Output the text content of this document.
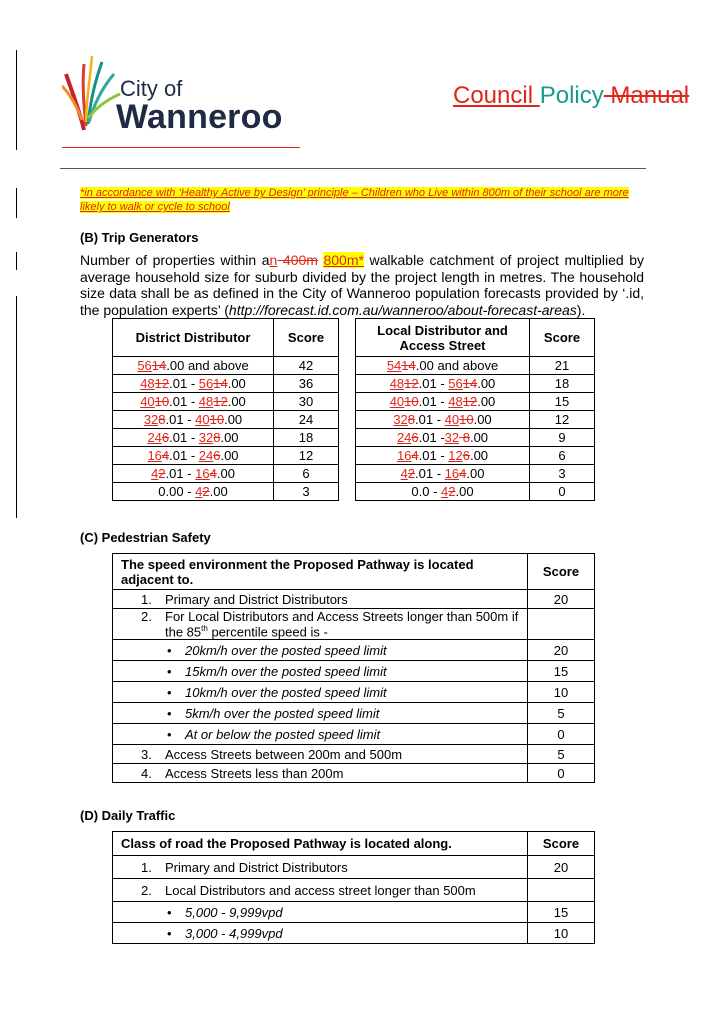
City of
Wanneroo
Council Policy Manual
*in accordance with ‘Healthy Active by Design’ principle – Children who Live within 800m of their school are more likely to walk or cycle to school
(B) Trip Generators
Number of properties within an 400m 800m* walkable catchment of project multiplied by average household size for suburb divided by the project length in metres. The household size data shall be as defined in the City of Wanneroo population forecasts provided by ‘.id, the population experts’ (http://forecast.id.com.au/wanneroo/about-forecast-areas).
District Distributor	Score
5614.00 and above	42
4812.01 - 5614.00	36
4010.01 - 4812.00	30
328.01 - 4010.00	24
246.01 - 328.00	18
164.01 - 246.00	12
42.01 - 164.00	6
0.00 - 42.00	3
Local Distributor and Access Street	Score
5414.00 and above	21
4812.01 - 5614.00	18
4010.01 - 4812.00	15
328.01 - 4010.00	12
246.01 -32 8.00	9
164.01 - 126.00	6
42.01 - 164.00	3
0.0 - 42.00	0
(C) Pedestrian Safety
The speed environment the Proposed Pathway is located adjacent to.	Score

1. Primary and District Distributors	20

2. For Local Distributors and Access Streets longer than 500m if the 85th percentile speed is -	

• 20km/h over the posted speed limit	20
• 15km/h over the posted speed limit	15
• 10km/h over the posted speed limit	10
• 5km/h over the posted speed limit	5
• At or below the posted speed limit	0

3. Access Streets between 200m and 500m	5

4. Access Streets less than 200m	0
(D) Daily Traffic
Class of road the Proposed Pathway is located along.	Score

1. Primary and District Distributors	20

2. Local Distributors and access street longer than 500m	

• 5,000 - 9,999vpd	15
• 3,000 - 4,999vpd	10
